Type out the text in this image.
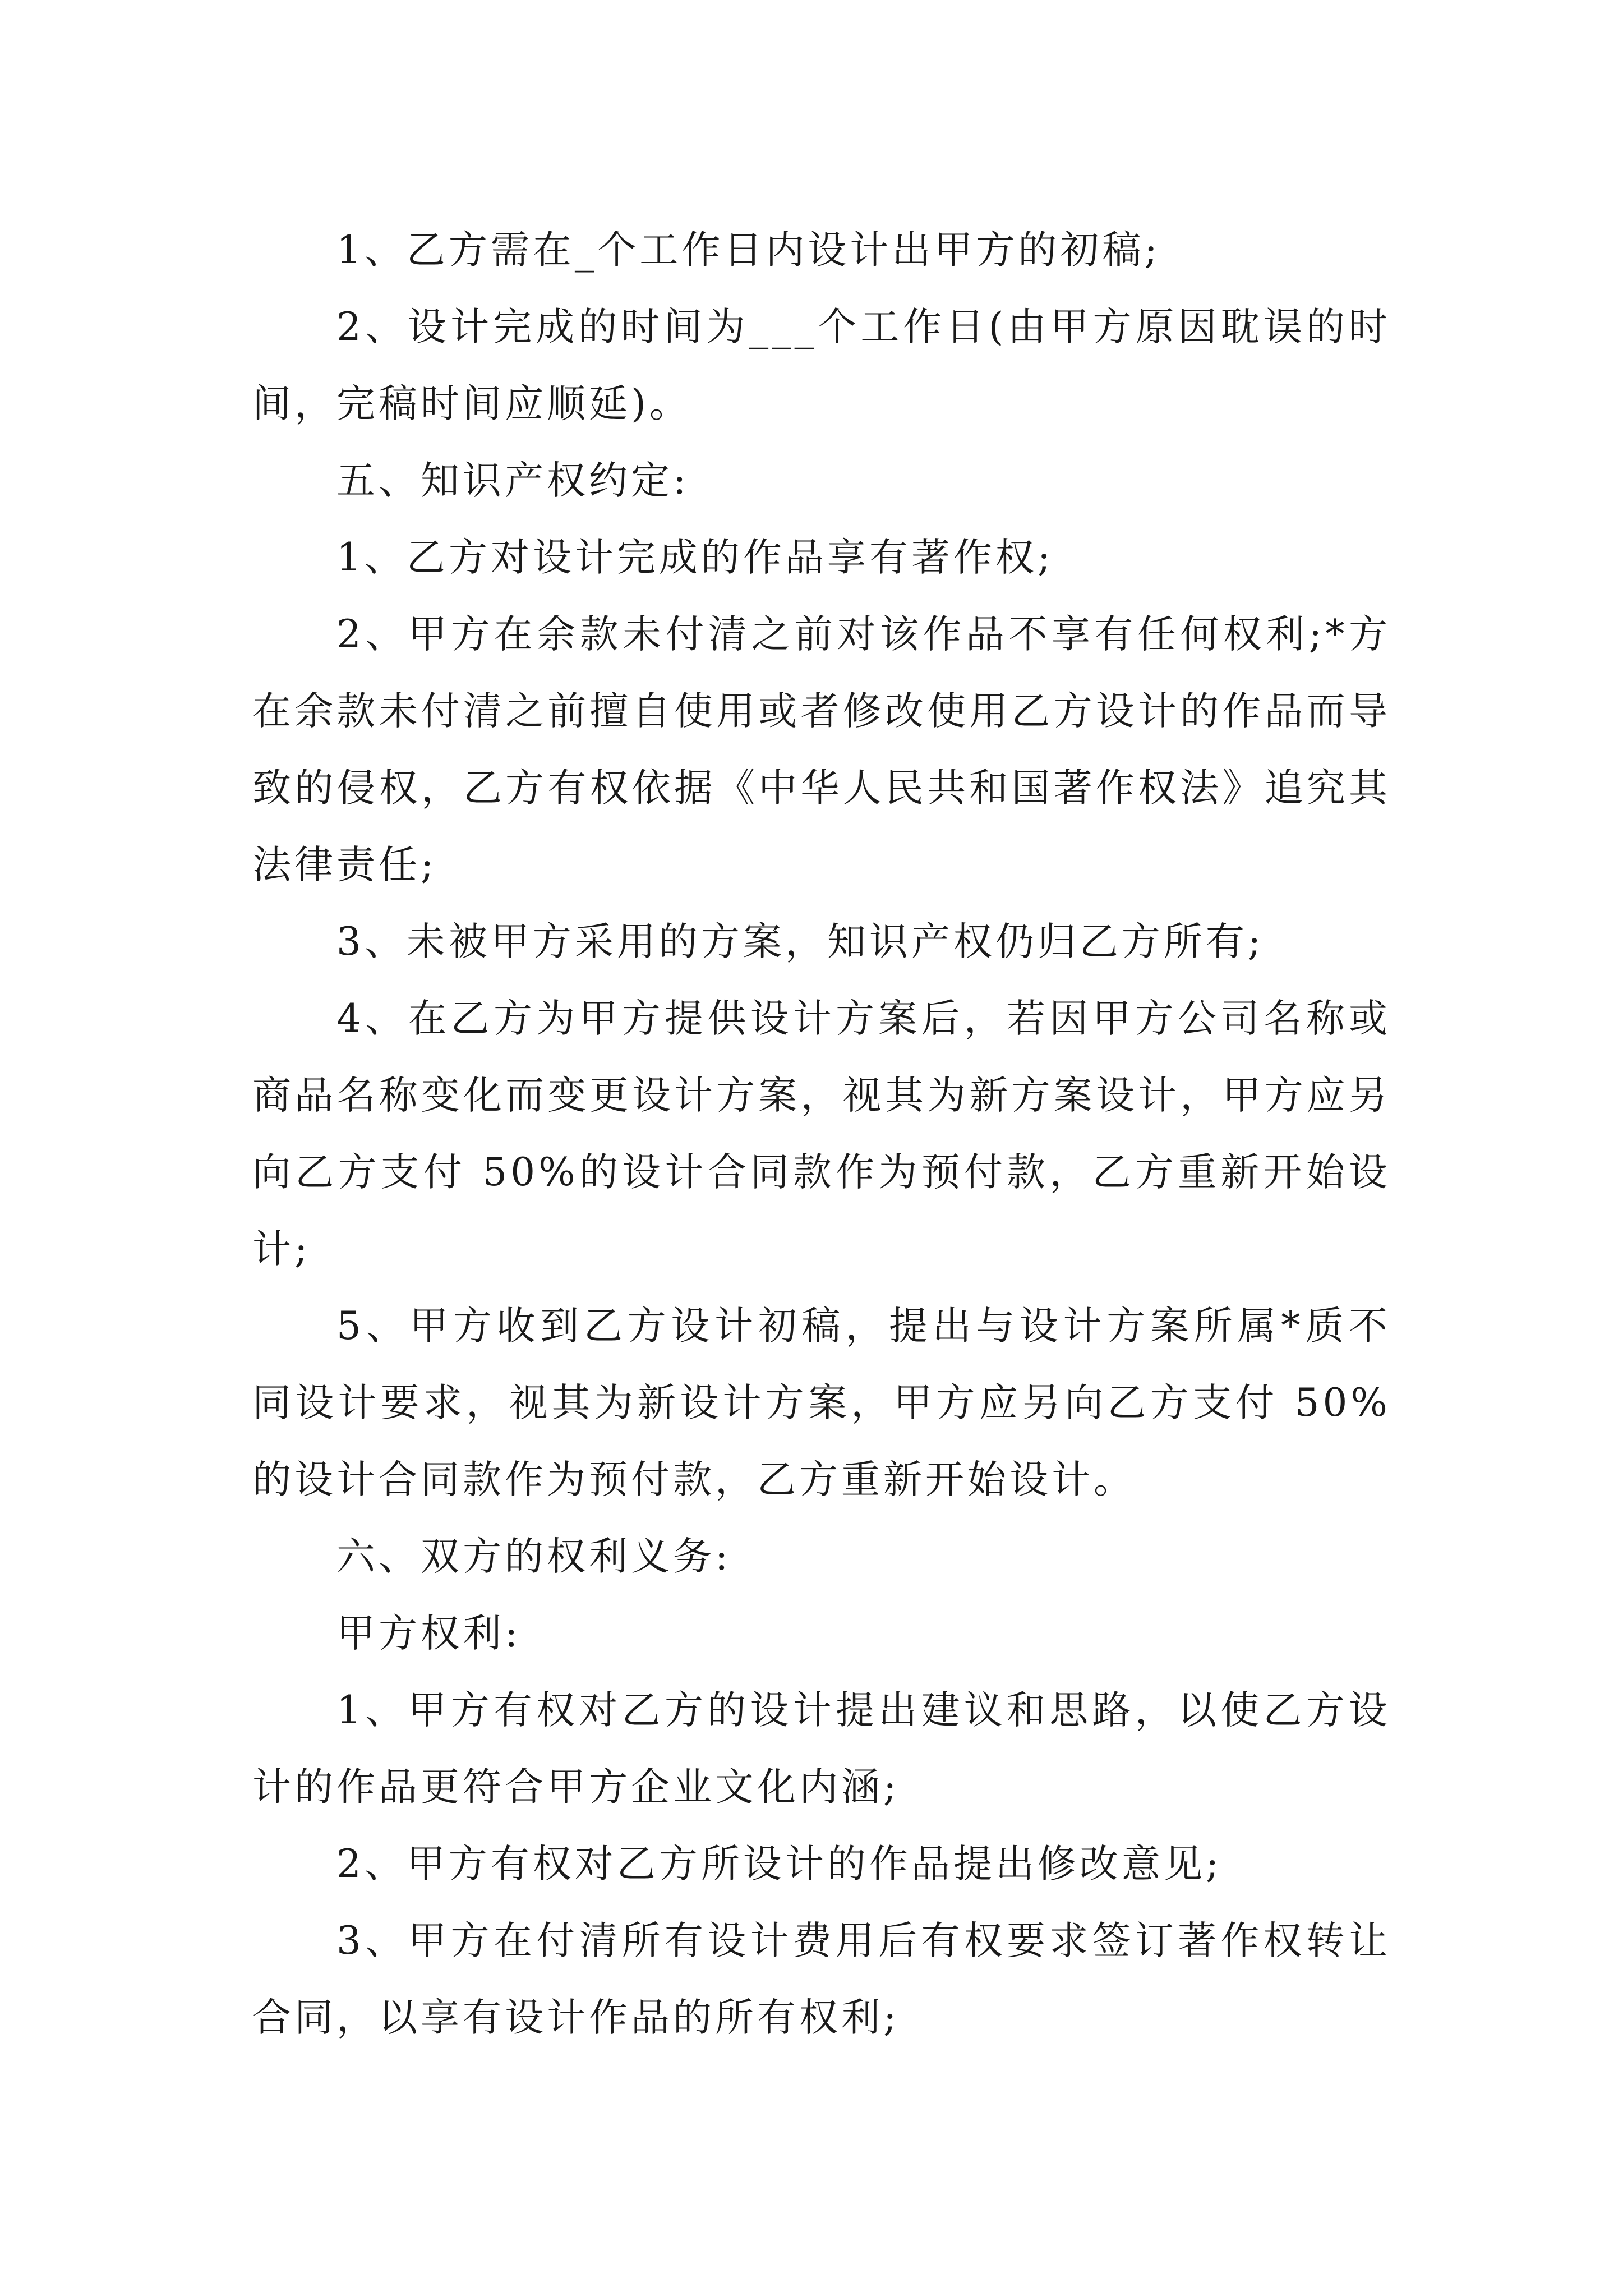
1、乙方需在_个工作日内设计出甲方的初稿;

2、设计完成的时间为___个工作日(由甲方原因耽误的时间，完稿时间应顺延)。

五、知识产权约定:

1、乙方对设计完成的作品享有著作权;

2、甲方在余款未付清之前对该作品不享有任何权利;*方在余款未付清之前擅自使用或者修改使用乙方设计的作品而导致的侵权，乙方有权依据《中华人民共和国著作权法》追究其法律责任;

3、未被甲方采用的方案，知识产权仍归乙方所有;

4、在乙方为甲方提供设计方案后，若因甲方公司名称或商品名称变化而变更设计方案，视其为新方案设计，甲方应另向乙方支付 50%的设计合同款作为预付款，乙方重新开始设计;

5、甲方收到乙方设计初稿，提出与设计方案所属*质不同设计要求，视其为新设计方案，甲方应另向乙方支付 50%的设计合同款作为预付款，乙方重新开始设计。

六、双方的权利义务:

甲方权利:

1、甲方有权对乙方的设计提出建议和思路，以使乙方设计的作品更符合甲方企业文化内涵;

2、甲方有权对乙方所设计的作品提出修改意见;

3、甲方在付清所有设计费用后有权要求签订著作权转让合同，以享有设计作品的所有权利;
